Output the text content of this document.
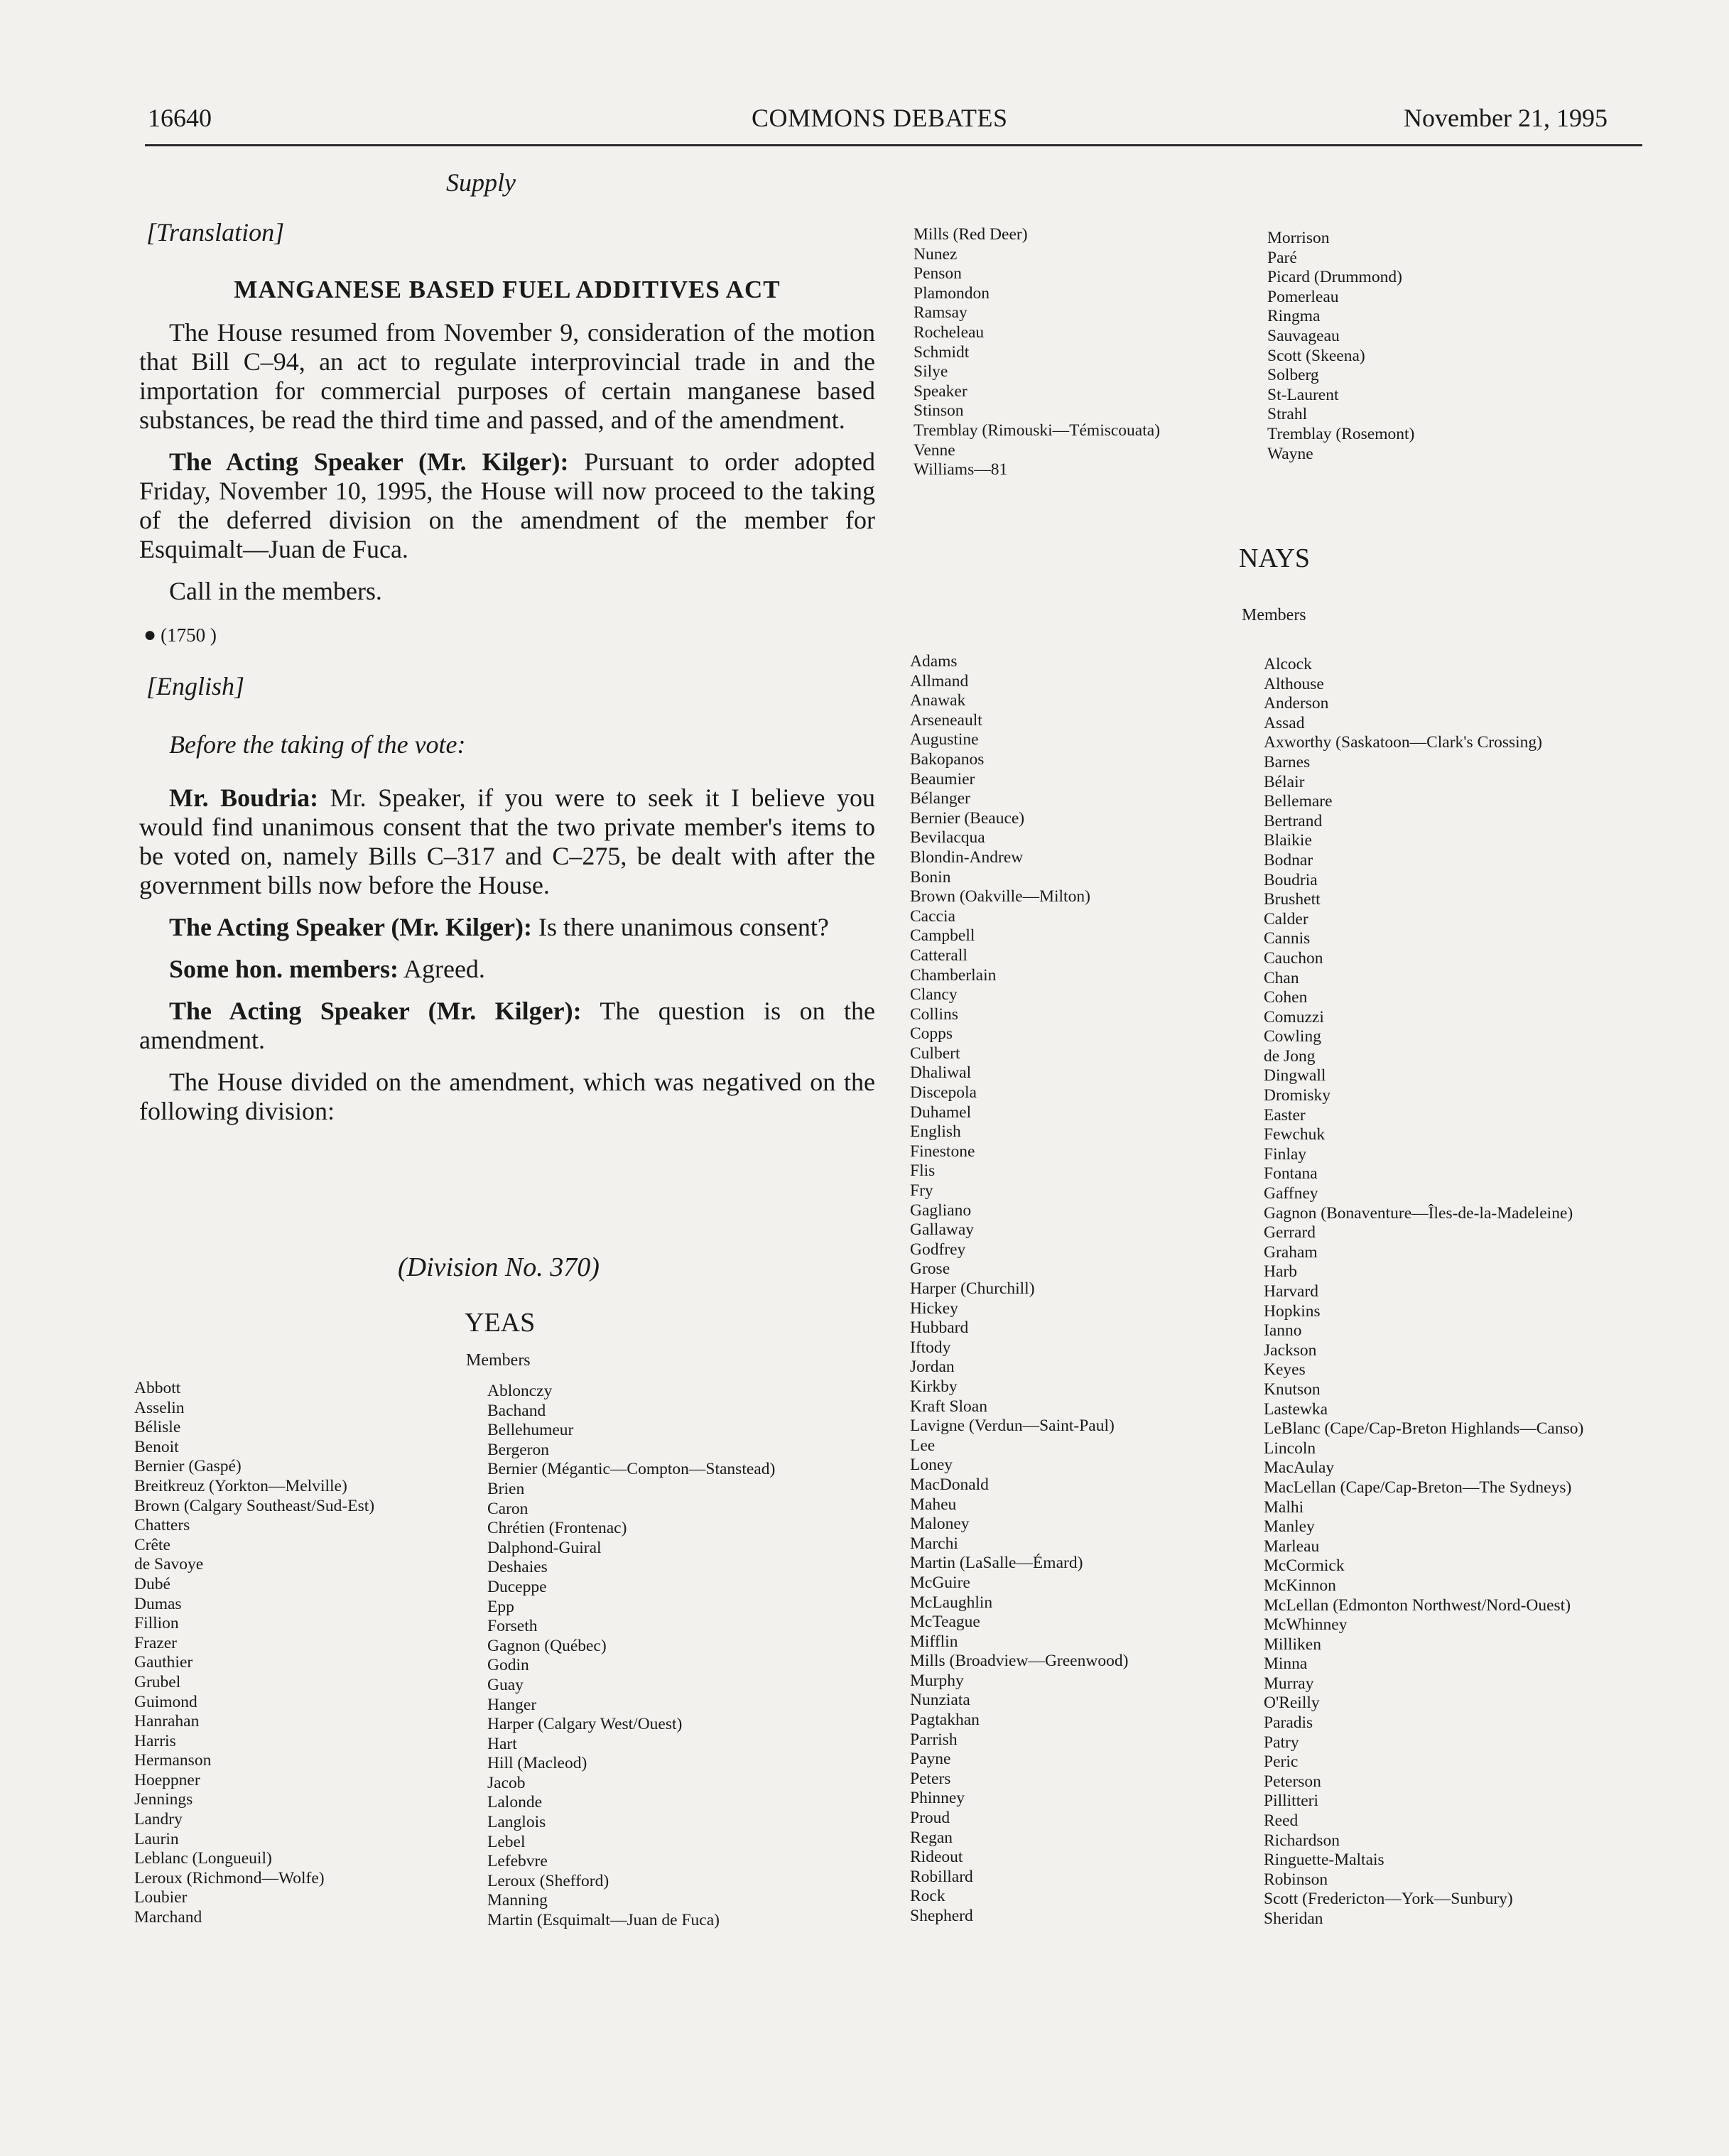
16640	COMMONS DEBATES	November 21, 1995
Supply
[Translation]
MANGANESE BASED FUEL ADDITIVES ACT

The House resumed from November 9, consideration of the motion that Bill C–94, an act to regulate interprovincial trade in and the importation for commercial purposes of certain manganese based substances, be read the third time and passed, and of the amendment.

The Acting Speaker (Mr. Kilger): Pursuant to order adopted Friday, November 10, 1995, the House will now proceed to the taking of the deferred division on the amendment of the member for Esquimalt—Juan de Fuca.

Call in the members.

● (1750 )
[English]
Before the taking of the vote:

Mr. Boudria: Mr. Speaker, if you were to seek it I believe you would find unanimous consent that the two private member's items to be voted on, namely Bills C–317 and C–275, be dealt with after the government bills now before the House.

The Acting Speaker (Mr. Kilger): Is there unanimous consent?

Some hon. members: Agreed.

The Acting Speaker (Mr. Kilger): The question is on the amendment.

The House divided on the amendment, which was negatived on the following division:

(Division No. 370)
YEAS
Members
Abbott
Asselin
Bélisle
Benoit
Bernier (Gaspé)
Breitkreuz (Yorkton—Melville)
Brown (Calgary Southeast/Sud-Est)
Chatters
Crête
de Savoye
Dubé
Dumas
Fillion
Frazer
Gauthier
Grubel
Guimond
Hanrahan
Harris
Hermanson
Hoeppner
Jennings
Landry
Laurin
Leblanc (Longueuil)
Leroux (Richmond—Wolfe)
Loubier
Marchand
Ablonczy
Bachand
Bellehumeur
Bergeron
Bernier (Mégantic—Compton—Stanstead)
Brien
Caron
Chrétien (Frontenac)
Dalphond-Guiral
Deshaies
Duceppe
Epp
Forseth
Gagnon (Québec)
Godin
Guay
Hanger
Harper (Calgary West/Ouest)
Hart
Hill (Macleod)
Jacob
Lalonde
Langlois
Lebel
Lefebvre
Leroux (Shefford)
Manning
Martin (Esquimalt—Juan de Fuca)
Mills (Red Deer)
Nunez
Penson
Plamondon
Ramsay
Rocheleau
Schmidt
Silye
Speaker
Stinson
Tremblay (Rimouski—Témiscouata)
Venne
Williams—81
Morrison
Paré
Picard (Drummond)
Pomerleau
Ringma
Sauvageau
Scott (Skeena)
Solberg
St-Laurent
Strahl
Tremblay (Rosemont)
Wayne
NAYS
Members
Adams
Allmand
Anawak
Arseneault
Augustine
Bakopanos
Beaumier
Bélanger
Bernier (Beauce)
Bevilacqua
Blondin-Andrew
Bonin
Brown (Oakville—Milton)
Caccia
Campbell
Catterall
Chamberlain
Clancy
Collins
Copps
Culbert
Dhaliwal
Discepola
Duhamel
English
Finestone
Flis
Fry
Gagliano
Gallaway
Godfrey
Grose
Harper (Churchill)
Hickey
Hubbard
Iftody
Jordan
Kirkby
Kraft Sloan
Lavigne (Verdun—Saint-Paul)
Lee
Loney
MacDonald
Maheu
Maloney
Marchi
Martin (LaSalle—Émard)
McGuire
McLaughlin
McTeague
Mifflin
Mills (Broadview—Greenwood)
Murphy
Nunziata
Pagtakhan
Parrish
Payne
Peters
Phinney
Proud
Regan
Rideout
Robillard
Rock
Shepherd
Alcock
Althouse
Anderson
Assad
Axworthy (Saskatoon—Clark's Crossing)
Barnes
Bélair
Bellemare
Bertrand
Blaikie
Bodnar
Boudria
Brushett
Calder
Cannis
Cauchon
Chan
Cohen
Comuzzi
Cowling
de Jong
Dingwall
Dromisky
Easter
Fewchuk
Finlay
Fontana
Gaffney
Gagnon (Bonaventure—Îles-de-la-Madeleine)
Gerrard
Graham
Harb
Harvard
Hopkins
Ianno
Jackson
Keyes
Knutson
Lastewka
LeBlanc (Cape/Cap-Breton Highlands—Canso)
Lincoln
MacAulay
MacLellan (Cape/Cap-Breton—The Sydneys)
Malhi
Manley
Marleau
McCormick
McKinnon
McLellan (Edmonton Northwest/Nord-Ouest)
McWhinney
Milliken
Minna
Murray
O'Reilly
Paradis
Patry
Peric
Peterson
Pillitteri
Reed
Richardson
Ringuette-Maltais
Robinson
Scott (Fredericton—York—Sunbury)
Sheridan
